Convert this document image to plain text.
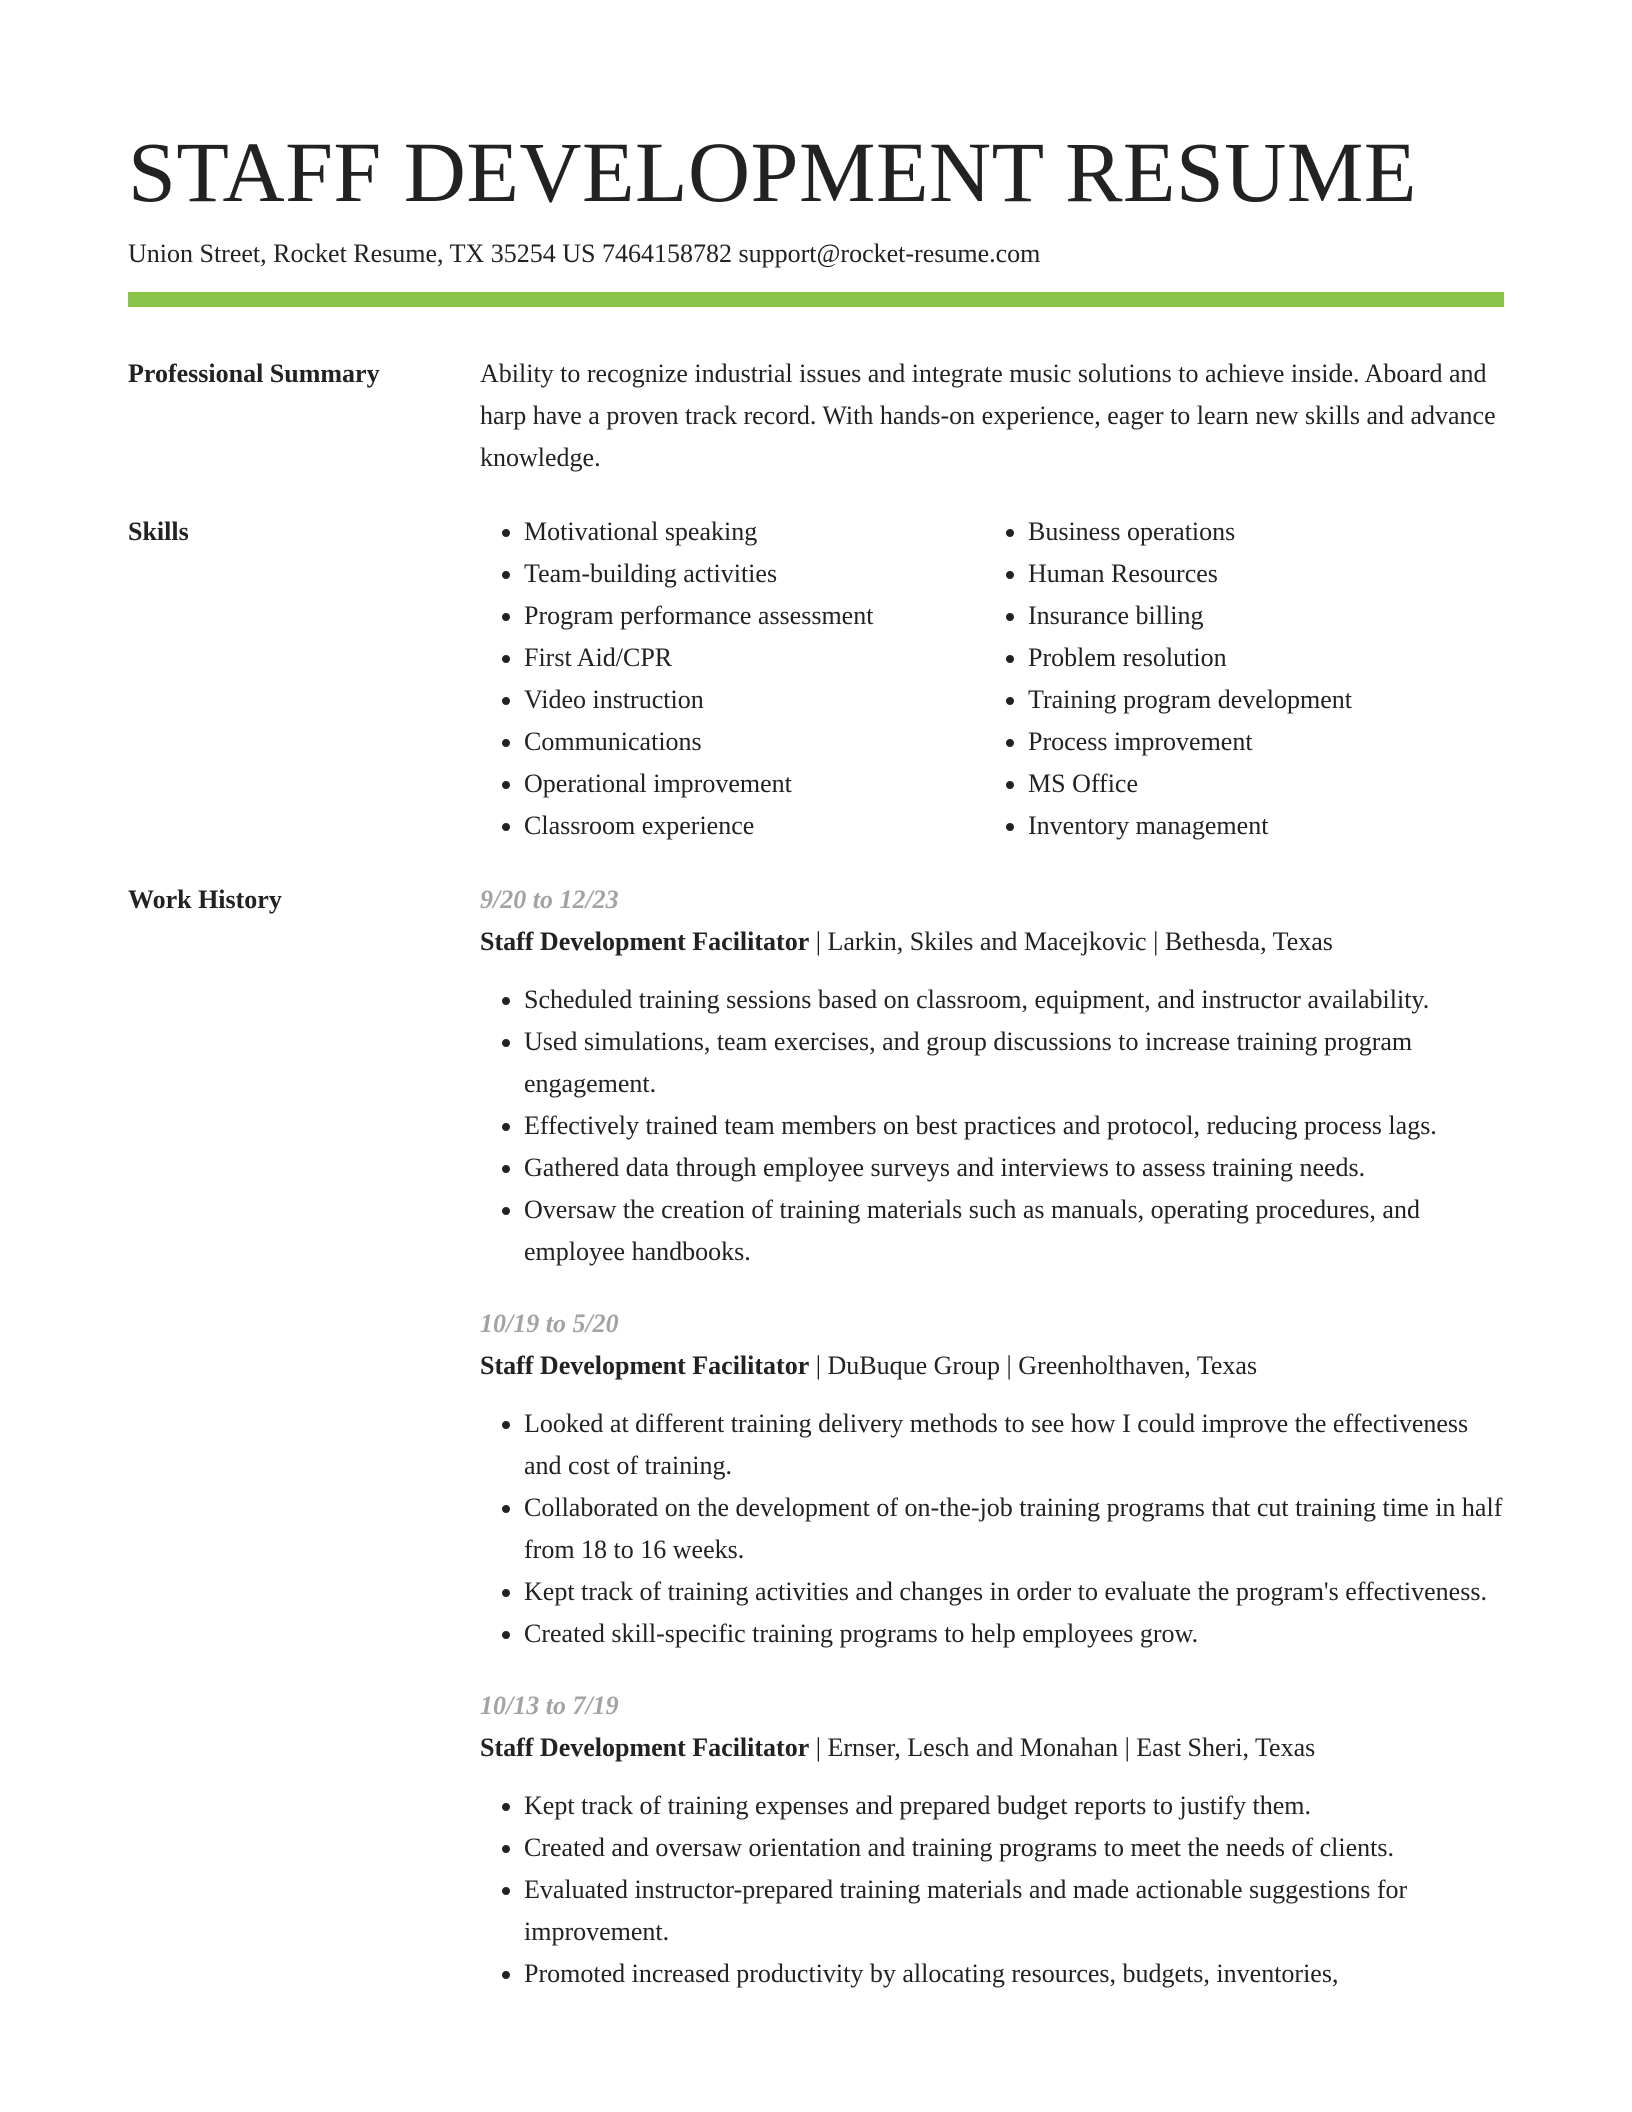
STAFF DEVELOPMENT RESUME
Union Street, Rocket Resume, TX 35254 US 7464158782 support@rocket-resume.com
Professional Summary	Ability to recognize industrial issues and integrate music solutions to achieve inside. Aboard and harp have a proven track record. With hands-on experience, eager to learn new skills and advance knowledge.

Skills
•	Motivational speaking
• Team-building activities
• Program performance assessment
• First Aid/CPR
• Video instruction
• Communications
• Operational improvement
• Classroom experience
• Business operations
• Human Resources
• Insurance billing
• Problem resolution
• Training program development
• Process improvement
• MS Office
• Inventory management
Work History	9/20 to 12/23
Staff Development Facilitator | Larkin, Skiles and Macejkovic | Bethesda, Texas
• Scheduled training sessions based on classroom, equipment, and instructor availability.
• Used simulations, team exercises, and group discussions to increase training program engagement.
• Effectively trained team members on best practices and protocol, reducing process lags.
• Gathered data through employee surveys and interviews to assess training needs.
• Oversaw the creation of training materials such as manuals, operating procedures, and employee handbooks.
10/19 to 5/20
Staff Development Facilitator | DuBuque Group | Greenholthaven, Texas
• Looked at different training delivery methods to see how I could improve the effectiveness and cost of training.
• Collaborated on the development of on-the-job training programs that cut training time in half from 18 to 16 weeks.
• Kept track of training activities and changes in order to evaluate the program's effectiveness.
• Created skill-specific training programs to help employees grow.
10/13 to 7/19
Staff Development Facilitator | Ernser, Lesch and Monahan | East Sheri, Texas
• Kept track of training expenses and prepared budget reports to justify them.
• Created and oversaw orientation and training programs to meet the needs of clients.
• Evaluated instructor-prepared training materials and made actionable suggestions for improvement.
• Promoted increased productivity by allocating resources, budgets, inventories,
